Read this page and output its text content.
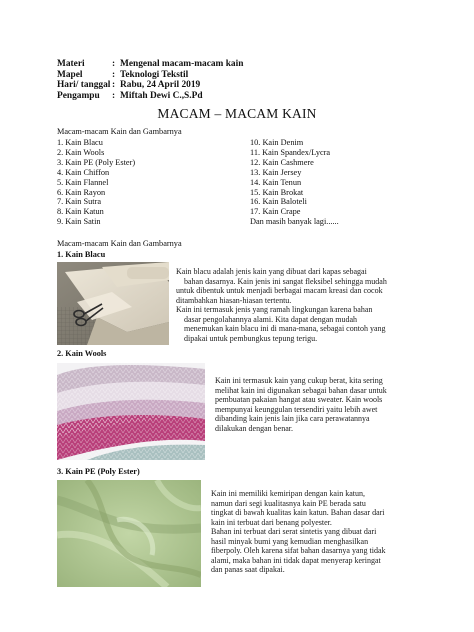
Materi	: Mengenal macam-macam kain
Mapel	: Teknologi Tekstil
Hari/ tanggal : Rabu, 24 April 2019
Pengampu	: Miftah Dewi C.,S.Pd
MACAM – MACAM KAIN
Macam-macam Kain dan Gambarnya
1. Kain Blacu
2. Kain Wools
3. Kain PE (Poly Ester)
4. Kain Chiffon
5. Kain Flannel
6. Kain Rayon
7. Kain Sutra
8. Kain Katun
9. Kain Satin
10. Kain Denim
11. Kain Spandex/Lycra
12. Kain Cashmere
13. Kain Jersey
14. Kain Tenun
15. Kain Brokat
16. Kain Baloteli
17. Kain Crape
Dan masih banyak lagi......
Macam-macam Kain dan Gambarnya
1. Kain Blacu
Kain blacu adalah jenis kain yang dibuat dari kapas sebagai
bahan dasarnya. Kain jenis ini sangat fleksibel sehingga mudah
untuk dibentuk untuk menjadi berbagai macam kreasi dan cocok
ditambahkan hiasan-hiasan tertentu.
Kain ini termasuk jenis yang ramah lingkungan karena bahan
dasar pengolahannya alami. Kita dapat dengan mudah
menemukan kain blacu ini di mana-mana, sebagai contoh yang
dipakai untuk pembungkus tepung terigu.
2. Kain Wools
Kain ini termasuk kain yang cukup berat, kita sering
melihat kain ini digunakan sebagai bahan dasar untuk
pembuatan pakaian hangat atau sweater. Kain wools
mempunyai keunggulan tersendiri yaitu lebih awet
dibanding kain jenis lain jika cara perawatannya
dilakukan dengan benar.
3. Kain PE (Poly Ester)
Kain ini memiliki kemiripan dengan kain katun,
namun dari segi kualitasnya kain PE berada satu
tingkat di bawah kualitas kain katun. Bahan dasar dari
kain ini terbuat dari benang polyester.
Bahan ini terbuat dari serat sintetis yang dibuat dari
hasil minyak bumi yang kemudian menghasilkan
fiberpoly. Oleh karena sifat bahan dasarnya yang tidak
alami, maka bahan ini tidak dapat menyerap keringat
dan panas saat dipakai.
